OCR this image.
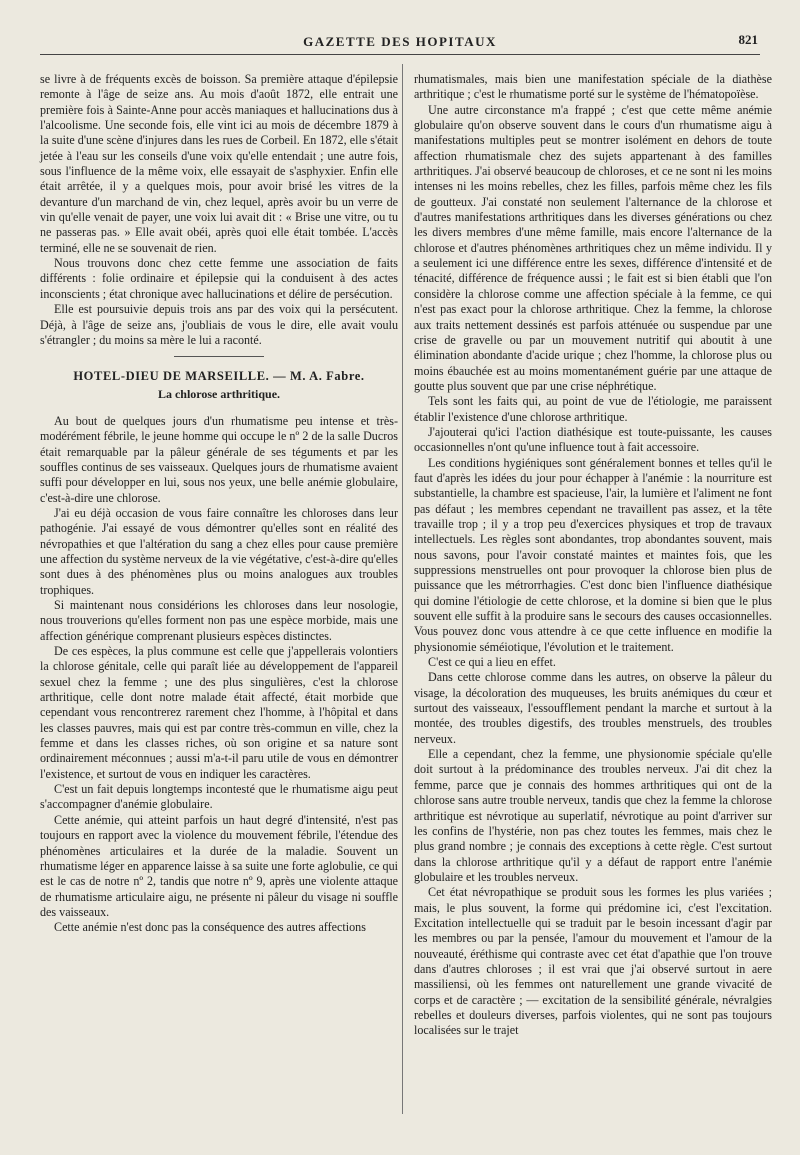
GAZETTE DES HOPITAUX	821

se livre à de fréquents excès de boisson. Sa première attaque d'épilepsie remonte à l'âge de seize ans. Au mois d'août 1872, elle entrait une première fois à Sainte-Anne pour accès maniaques et hallucinations dus à l'alcoolisme. Une seconde fois, elle vint ici au mois de décembre 1879 à la suite d'une scène d'injures dans les rues de Corbeil. En 1872, elle s'était jetée à l'eau sur les conseils d'une voix qu'elle entendait ; une autre fois, sous l'influence de la même voix, elle essayait de s'asphyxier. Enfin elle était arrêtée, il y a quelques mois, pour avoir brisé les vitres de la devanture d'un marchand de vin, chez lequel, après avoir bu un verre de vin qu'elle venait de payer, une voix lui avait dit : « Brise une vitre, ou tu ne passeras pas. » Elle avait obéi, après quoi elle était tombée. L'accès terminé, elle ne se souvenait de rien.

Nous trouvons donc chez cette femme une association de faits différents : folie ordinaire et épilepsie qui la conduisent à des actes inconscients ; état chronique avec hallucinations et délire de persécution.

Elle est poursuivie depuis trois ans par des voix qui la persécutent. Déjà, à l'âge de seize ans, j'oubliais de vous le dire, elle avait voulu s'étrangler ; du moins sa mère le lui a raconté.

HOTEL-DIEU DE MARSEILLE. — M. A. Fabre.
La chlorose arthritique.

Au bout de quelques jours d'un rhumatisme peu intense et très-modérément fébrile, le jeune homme qui occupe le nº 2 de la salle Ducros était remarquable par la pâleur générale de ses téguments et par les souffles continus de ses vaisseaux. Quelques jours de rhumatisme avaient suffi pour développer en lui, sous nos yeux, une belle anémie globulaire, c'est-à-dire une chlorose.

J'ai eu déjà occasion de vous faire connaître les chloroses dans leur pathogénie. J'ai essayé de vous démontrer qu'elles sont en réalité des névropathies et que l'altération du sang a chez elles pour cause première une affection du système nerveux de la vie végétative, c'est-à-dire qu'elles sont dues à des phénomènes plus ou moins analogues aux troubles trophiques.

Si maintenant nous considérions les chloroses dans leur nosologie, nous trouverions qu'elles forment non pas une espèce morbide, mais une affection générique comprenant plusieurs espèces distinctes.

De ces espèces, la plus commune est celle que j'appellerais volontiers la chlorose génitale, celle qui paraît liée au développement de l'appareil sexuel chez la femme ; une des plus singulières, c'est la chlorose arthritique, celle dont notre malade était affecté, était morbide que cependant vous rencontrerez rarement chez l'homme, à l'hôpital et dans les classes pauvres, mais qui est par contre très-commun en ville, chez la femme et dans les classes riches, où son origine et sa nature sont ordinairement méconnues ; aussi m'a-t-il paru utile de vous en démontrer l'existence, et surtout de vous en indiquer les caractères.

C'est un fait depuis longtemps incontesté que le rhumatisme aigu peut s'accompagner d'anémie globulaire.

Cette anémie, qui atteint parfois un haut degré d'intensité, n'est pas toujours en rapport avec la violence du mouvement fébrile, l'étendue des phénomènes articulaires et la durée de la maladie. Souvent un rhumatisme léger en apparence laisse à sa suite une forte aglobulie, ce qui est le cas de notre nº 2, tandis que notre nº 9, après une violente attaque de rhumatisme articulaire aigu, ne présente ni pâleur du visage ni souffle des vaisseaux.

Cette anémie n'est donc pas la conséquence des autres affections

rhumatismales, mais bien une manifestation spéciale de la diathèse arthritique ; c'est le rhumatisme porté sur le système de l'hématopoïèse.

Une autre circonstance m'a frappé ; c'est que cette même anémie globulaire qu'on observe souvent dans le cours d'un rhumatisme aigu à manifestations multiples peut se montrer isolément en dehors de toute affection rhumatismale chez des sujets appartenant à des familles arthritiques. J'ai observé beaucoup de chloroses, et ce ne sont ni les moins intenses ni les moins rebelles, chez les filles, parfois même chez les fils de goutteux. J'ai constaté non seulement l'alternance de la chlorose et d'autres manifestations arthritiques dans les diverses générations ou chez les divers membres d'une même famille, mais encore l'alternance de la chlorose et d'autres phénomènes arthritiques chez un même individu. Il y a seulement ici une différence entre les sexes, différence d'intensité et de ténacité, différence de fréquence aussi ; le fait est si bien établi que l'on considère la chlorose comme une affection spéciale à la femme, ce qui n'est pas exact pour la chlorose arthritique. Chez la femme, la chlorose aux traits nettement dessinés est parfois atténuée ou suspendue par une crise de gravelle ou par un mouvement nutritif qui aboutit à une élimination abondante d'acide urique ; chez l'homme, la chlorose plus ou moins ébauchée est au moins momentanément guérie par une attaque de goutte plus souvent que par une crise néphrétique.

Tels sont les faits qui, au point de vue de l'étiologie, me paraissent établir l'existence d'une chlorose arthritique.

J'ajouterai qu'ici l'action diathésique est toute-puissante, les causes occasionnelles n'ont qu'une influence tout à fait accessoire.

Les conditions hygiéniques sont généralement bonnes et telles qu'il le faut d'après les idées du jour pour échapper à l'anémie : la nourriture est substantielle, la chambre est spacieuse, l'air, la lumière et l'aliment ne font pas défaut ; les membres cependant ne travaillent pas assez, et la tête travaille trop ; il y a trop peu d'exercices physiques et trop de travaux intellectuels. Les règles sont abondantes, trop abondantes souvent, mais nous savons, pour l'avoir constaté maintes et maintes fois, que les suppressions menstruelles ont pour provoquer la chlorose bien plus de puissance que les métrorrhagies. C'est donc bien l'influence diathésique qui domine l'étiologie de cette chlorose, et la domine si bien que le plus souvent elle suffit à la produire sans le secours des causes occasionnelles. Vous pouvez donc vous attendre à ce que cette influence en modifie la physionomie séméiotique, l'évolution et le traitement.

C'est ce qui a lieu en effet.

Dans cette chlorose comme dans les autres, on observe la pâleur du visage, la décoloration des muqueuses, les bruits anémiques du cœur et surtout des vaisseaux, l'essoufflement pendant la marche et surtout à la montée, des troubles digestifs, des troubles menstruels, des troubles nerveux.

Elle a cependant, chez la femme, une physionomie spéciale qu'elle doit surtout à la prédominance des troubles nerveux. J'ai dit chez la femme, parce que je connais des hommes arthritiques qui ont de la chlorose sans autre trouble nerveux, tandis que chez la femme la chlorose arthritique est névrotique au superlatif, névrotique au point d'arriver sur les confins de l'hystérie, non pas chez toutes les femmes, mais chez le plus grand nombre ; je connais des exceptions à cette règle. C'est surtout dans la chlorose arthritique qu'il y a défaut de rapport entre l'anémie globulaire et les troubles nerveux.

Cet état névropathique se produit sous les formes les plus variées ; mais, le plus souvent, la forme qui prédomine ici, c'est l'excitation. Excitation intellectuelle qui se traduit par le besoin incessant d'agir par les membres ou par la pensée, l'amour du mouvement et l'amour de la nouveauté, éréthisme qui contraste avec cet état d'apathie que l'on trouve dans d'autres chloroses ; il est vrai que j'ai observé surtout in aere massiliensi, où les femmes ont naturellement une grande vivacité de corps et de caractère ; — excitation de la sensibilité générale, névralgies rebelles et douleurs diverses, parfois violentes, qui ne sont pas toujours localisées sur le trajet
